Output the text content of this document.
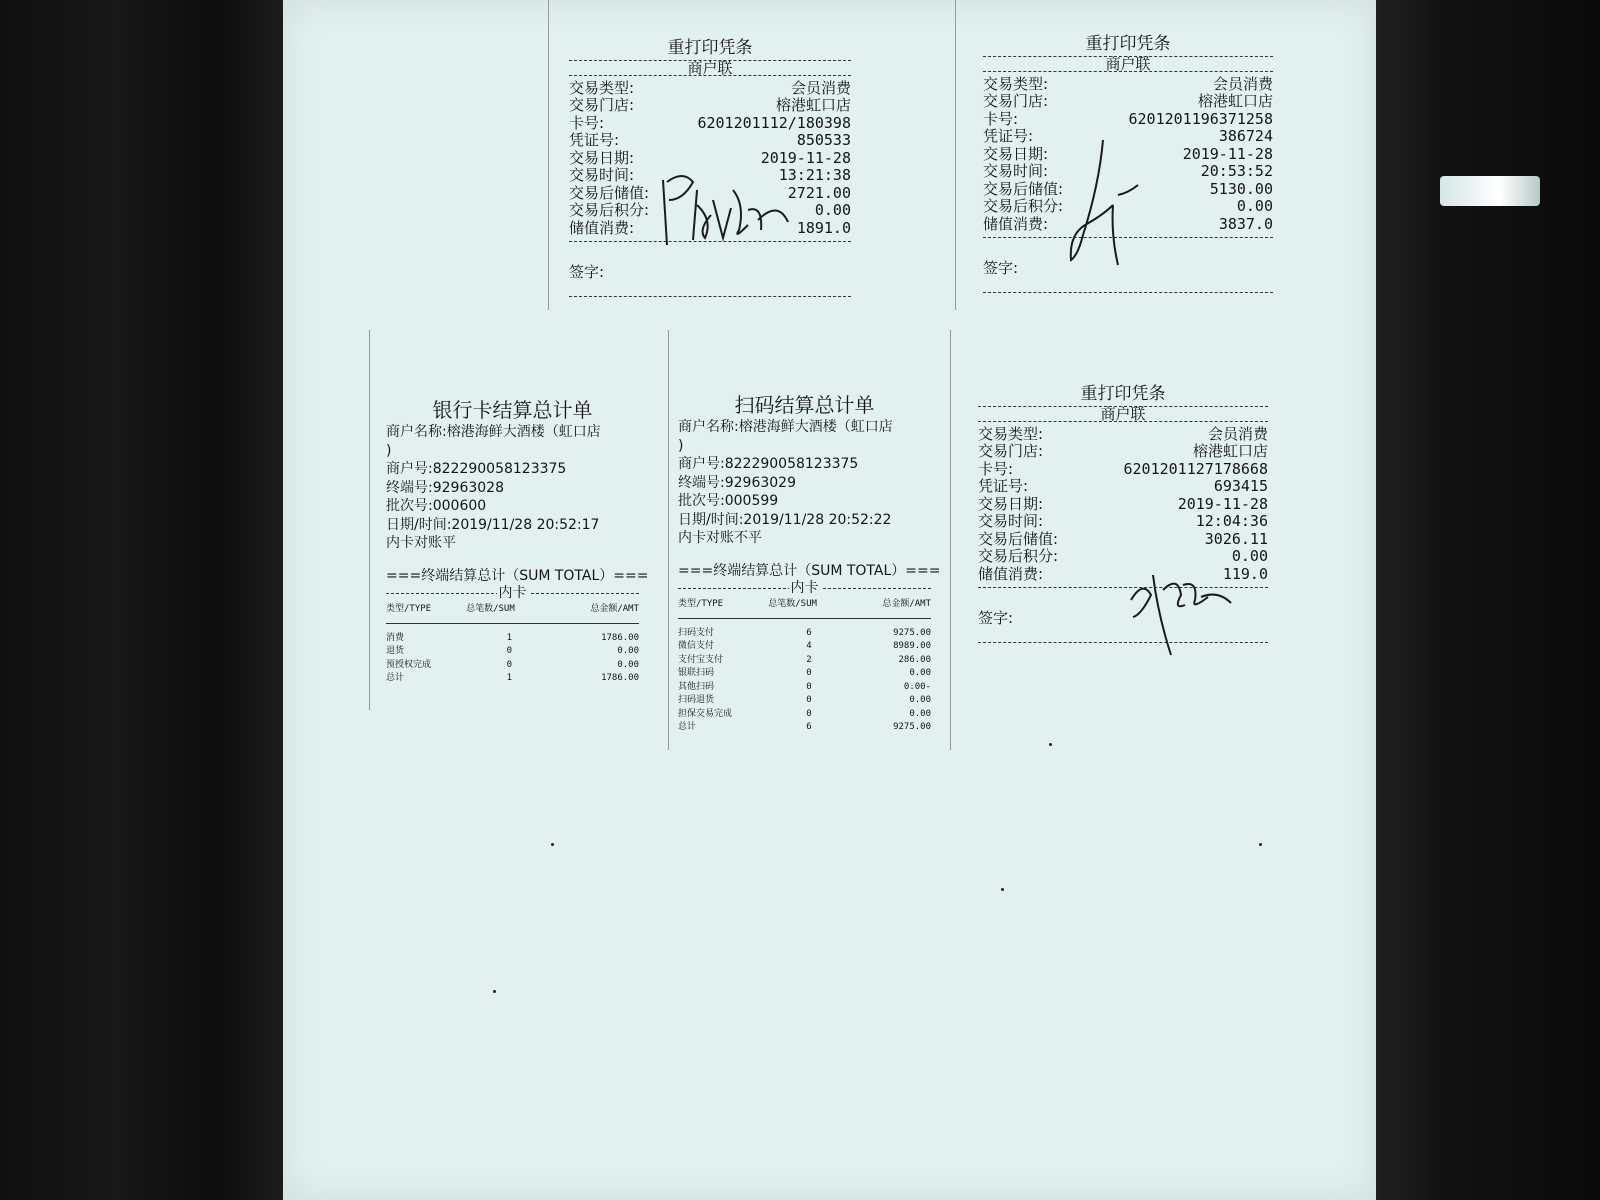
重打印凭条
商户联
交易类型:	会员消费
交易门店:	榕港虹口店
卡号:	6201201112/180398
凭证号:	850533
交易日期:	2019-11-28
交易时间:	13:21:38
交易后储值:	2721.00
交易后积分:	0.00
储值消费:	1891.0
签字:
重打印凭条
商户联
交易类型:	会员消费
交易门店:	榕港虹口店
卡号:	6201201196371258
凭证号:	386724
交易日期:	2019-11-28
交易时间:	20:53:52
交易后储值:	5130.00
交易后积分:	0.00
储值消费:	3837.0
签字:
银行卡结算总计单
商户名称:榕港海鲜大酒楼（虹口店
)
商户号:822290058123375
终端号:92963028
批次号:000600
日期/时间:2019/11/28 20:52:17
内卡对账平
===终端结算总计（SUM TOTAL）===
内卡
类型/TYPE	总笔数/SUM	总金额/AMT
消费	1	1786.00
退货	0	0.00
预授权完成	0	0.00
总计	1	1786.00
扫码结算总计单
商户名称:榕港海鲜大酒楼（虹口店
)
商户号:822290058123375
终端号:92963029
批次号:000599
日期/时间:2019/11/28 20:52:22
内卡对账不平
===终端结算总计（SUM TOTAL）===
内卡
类型/TYPE	总笔数/SUM	总金额/AMT
扫码支付	6	9275.00
微信支付	4	8989.00
支付宝支付	2	286.00
银联扫码	0	0.00
其他扫码	0	0.00-
扫码退货	0	0.00
担保交易完成	0	0.00
总计	6	9275.00
重打印凭条
商户联
交易类型:	会员消费
交易门店:	榕港虹口店
卡号:	6201201127178668
凭证号:	693415
交易日期:	2019-11-28
交易时间:	12:04:36
交易后储值:	3026.11
交易后积分:	0.00
储值消费:	119.0
签字:
